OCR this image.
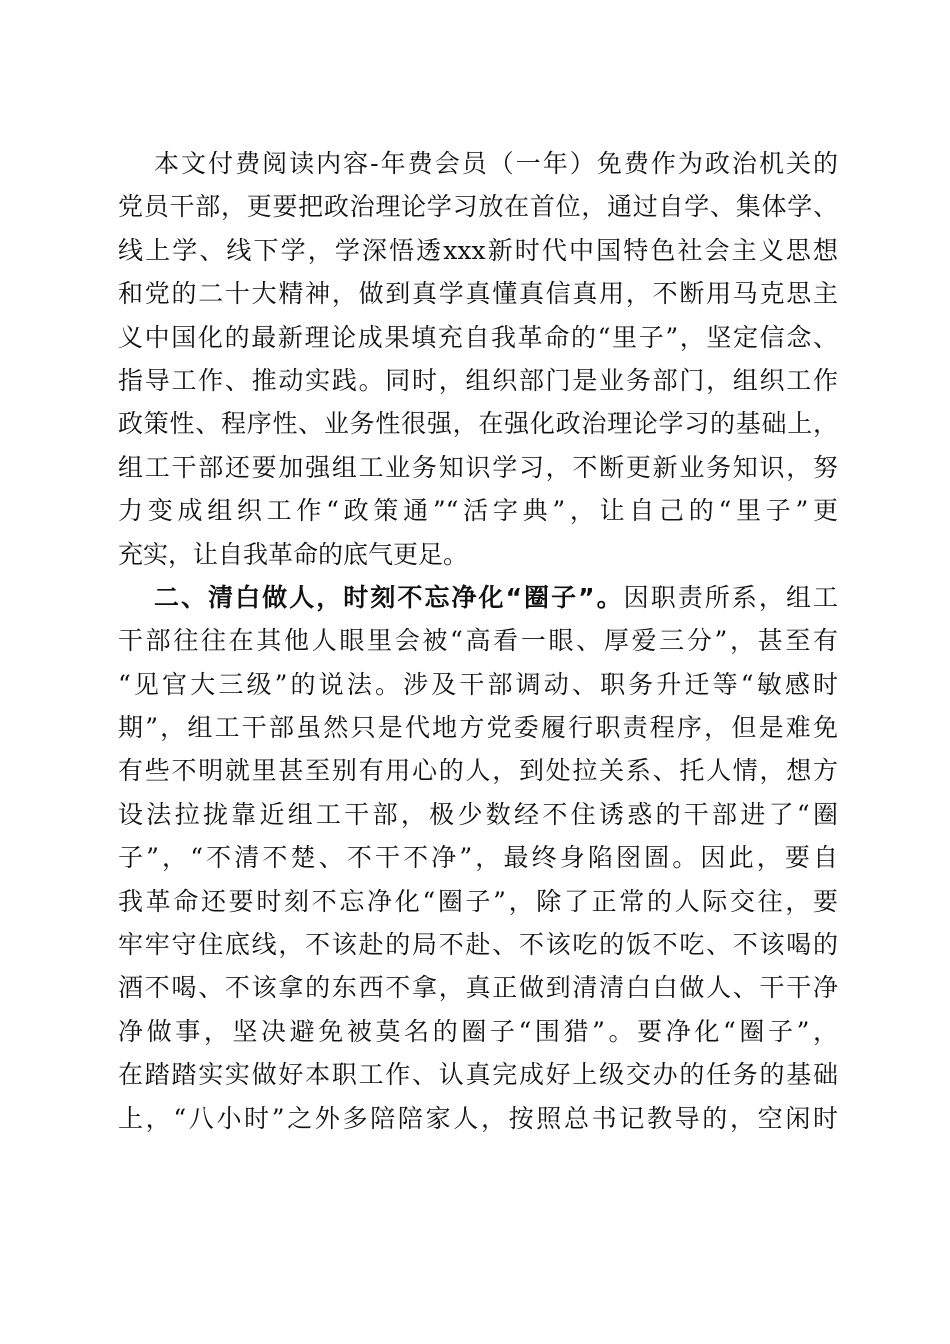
本文付费阅读内容-年费会员（一年）免费作为政治机关的
党员干部，更要把政治理论学习放在首位，通过自学、集体学、
线上学、线下学，学深悟透xxx新时代中国特色社会主义思想
和党的二十大精神，做到真学真懂真信真用，不断用马克思主
义中国化的最新理论成果填充自我革命的“里子”，坚定信念、
指导工作、推动实践。同时，组织部门是业务部门，组织工作
政策性、程序性、业务性很强，在强化政治理论学习的基础上，
组工干部还要加强组工业务知识学习，不断更新业务知识，努
力变成组织工作“政策通”“活字典”，让自己的“里子”更
充实，让自我革命的底气更足。
二、清白做人，时刻不忘净化“圈子”。因职责所系，组工
干部往往在其他人眼里会被“高看一眼、厚爱三分”，甚至有
“见官大三级”的说法。涉及干部调动、职务升迁等“敏感时
期”，组工干部虽然只是代地方党委履行职责程序，但是难免
有些不明就里甚至别有用心的人，到处拉关系、托人情，想方
设法拉拢靠近组工干部，极少数经不住诱惑的干部进了“圈
子”，“不清不楚、不干不净”，最终身陷囹圄。因此，要自
我革命还要时刻不忘净化“圈子”，除了正常的人际交往，要
牢牢守住底线，不该赴的局不赴、不该吃的饭不吃、不该喝的
酒不喝、不该拿的东西不拿，真正做到清清白白做人、干干净
净做事，坚决避免被莫名的圈子“围猎”。要净化“圈子”，
在踏踏实实做好本职工作、认真完成好上级交办的任务的基础
上，“八小时”之外多陪陪家人，按照总书记教导的，空闲时
